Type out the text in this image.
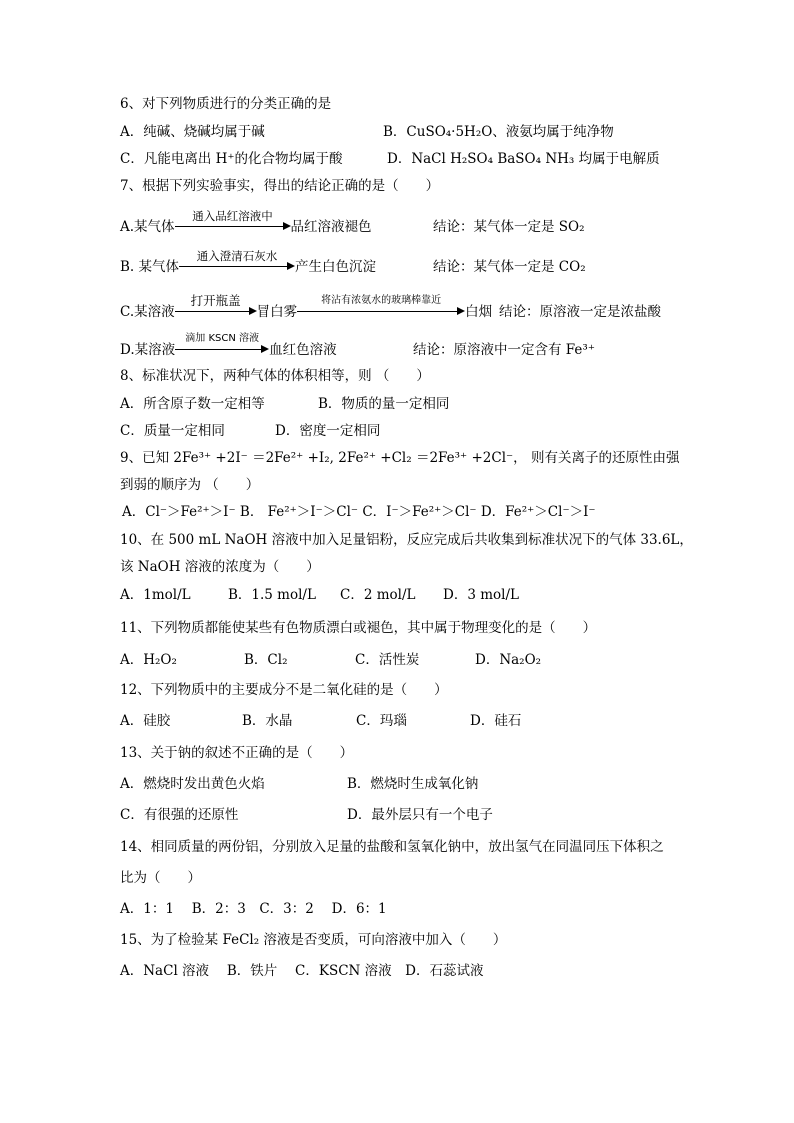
6、对下列物质进行的分类正确的是
A．纯碱、烧碱均属于碱	B．CuSO₄·5H₂O、液氨均属于纯净物
C．凡能电离出 H⁺的化合物均属于酸	D．NaCl H₂SO₄ BaSO₄ NH₃ 均属于电解质
7、根据下列实验事实，得出的结论正确的是（　　）
A.某气体
通入品红溶液中
品红溶液褪色	结论：某气体一定是 SO₂
B. 某气体
通入澄清石灰水
产生白色沉淀	结论：某气体一定是 CO₂
C.某溶液
打开瓶盖
冒白雾
将沾有浓氨水的玻璃棒靠近
白烟 结论：原溶液一定是浓盐酸
D.某溶液
滴加 KSCN 溶液
血红色溶液	结论：原溶液中一定含有 Fe³⁺
8、标准状况下，两种气体的体积相等，则 （　　）
A．所含原子数一定相等	B．物质的量一定相同
C．质量一定相同	D．密度一定相同
9、已知 2Fe³⁺ +2I⁻ ＝2Fe²⁺ +I₂, 2Fe²⁺ +Cl₂ ＝2Fe³⁺ +2Cl⁻， 则有关离子的还原性由强
到弱的顺序为 （　　）
A．Cl⁻＞Fe²⁺＞I⁻ B． Fe²⁺＞I⁻＞Cl⁻ C．I⁻＞Fe²⁺＞Cl⁻ D．Fe²⁺＞Cl⁻＞I⁻
10、在 500 mL NaOH 溶液中加入足量铝粉，反应完成后共收集到标准状况下的气体 33.6L，
该 NaOH 溶液的浓度为（　　）
A．1mol/L	B．1.5 mol/L C．2 mol/L D．3 mol/L
11、下列物质都能使某些有色物质漂白或褪色，其中属于物理变化的是（　　）
A．H₂O₂	B．Cl₂	C．活性炭	D．Na₂O₂
12、下列物质中的主要成分不是二氧化硅的是（　　）
A．硅胶	B．水晶	C．玛瑙	D．硅石
13、关于钠的叙述不正确的是（　　）
A．燃烧时发出黄色火焰	B．燃烧时生成氧化钠
C．有很强的还原性	D．最外层只有一个电子
14、相同质量的两份铝，分别放入足量的盐酸和氢氧化钠中，放出氢气在同温同压下体积之
比为（　　）
A．1：1　 B．2：3　C．3：2　 D．6：1
15、为了检验某 FeCl₂ 溶液是否变质，可向溶液中加入（　　）
A．NaCl 溶液　 B．铁片　 C．KSCN 溶液　D．石蕊试液
